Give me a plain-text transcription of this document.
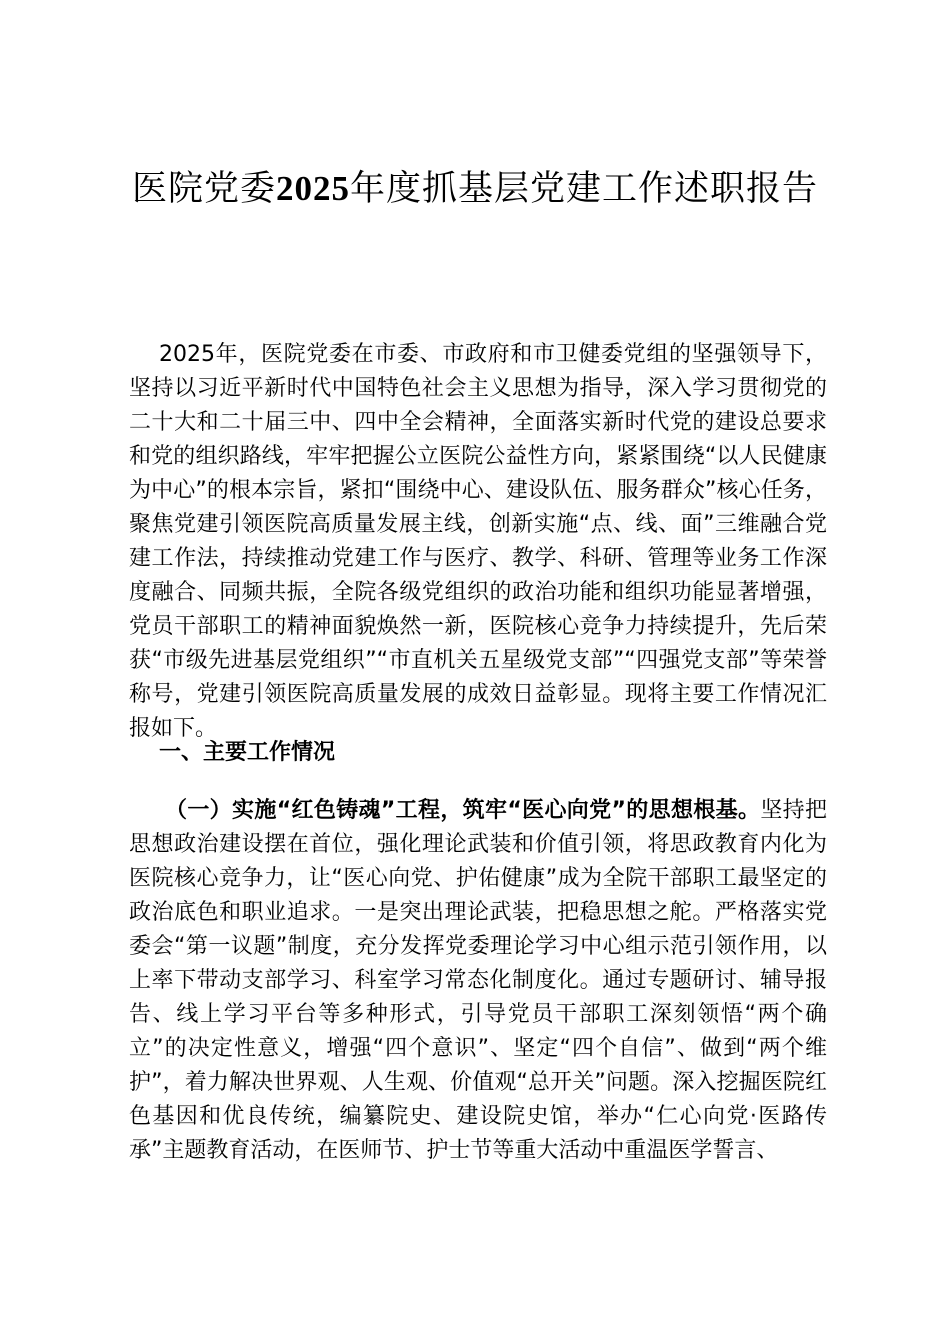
医院党委2025年度抓基层党建工作述职报告

2025年，医院党委在市委、市政府和市卫健委党组的坚强领导下，坚持以习近平新时代中国特色社会主义思想为指导，深入学习贯彻党的二十大和二十届三中、四中全会精神，全面落实新时代党的建设总要求和党的组织路线，牢牢把握公立医院公益性方向，紧紧围绕“以人民健康为中心”的根本宗旨，紧扣“围绕中心、建设队伍、服务群众”核心任务，聚焦党建引领医院高质量发展主线，创新实施“点、线、面”三维融合党建工作法，持续推动党建工作与医疗、教学、科研、管理等业务工作深度融合、同频共振，全院各级党组织的政治功能和组织功能显著增强，党员干部职工的精神面貌焕然一新，医院核心竞争力持续提升，先后荣获“市级先进基层党组织”“市直机关五星级党支部”“四强党支部”等荣誉称号，党建引领医院高质量发展的成效日益彰显。现将主要工作情况汇报如下。

一、主要工作情况

（一）实施“红色铸魂”工程，筑牢“医心向党”的思想根基。坚持把思想政治建设摆在首位，强化理论武装和价值引领，将思政教育内化为医院核心竞争力，让“医心向党、护佑健康”成为全院干部职工最坚定的政治底色和职业追求。一是突出理论武装，把稳思想之舵。严格落实党委会“第一议题”制度，充分发挥党委理论学习中心组示范引领作用，以上率下带动支部学习、科室学习常态化制度化。通过专题研讨、辅导报告、线上学习平台等多种形式，引导党员干部职工深刻领悟“两个确立”的决定性意义，增强“四个意识”、坚定“四个自信”、做到“两个维护”，着力解决世界观、人生观、价值观“总开关”问题。深入挖掘医院红色基因和优良传统，编纂院史、建设院史馆，举办“仁心向党·医路传承”主题教育活动，在医师节、护士节等重大活动中重温医学誓言、
